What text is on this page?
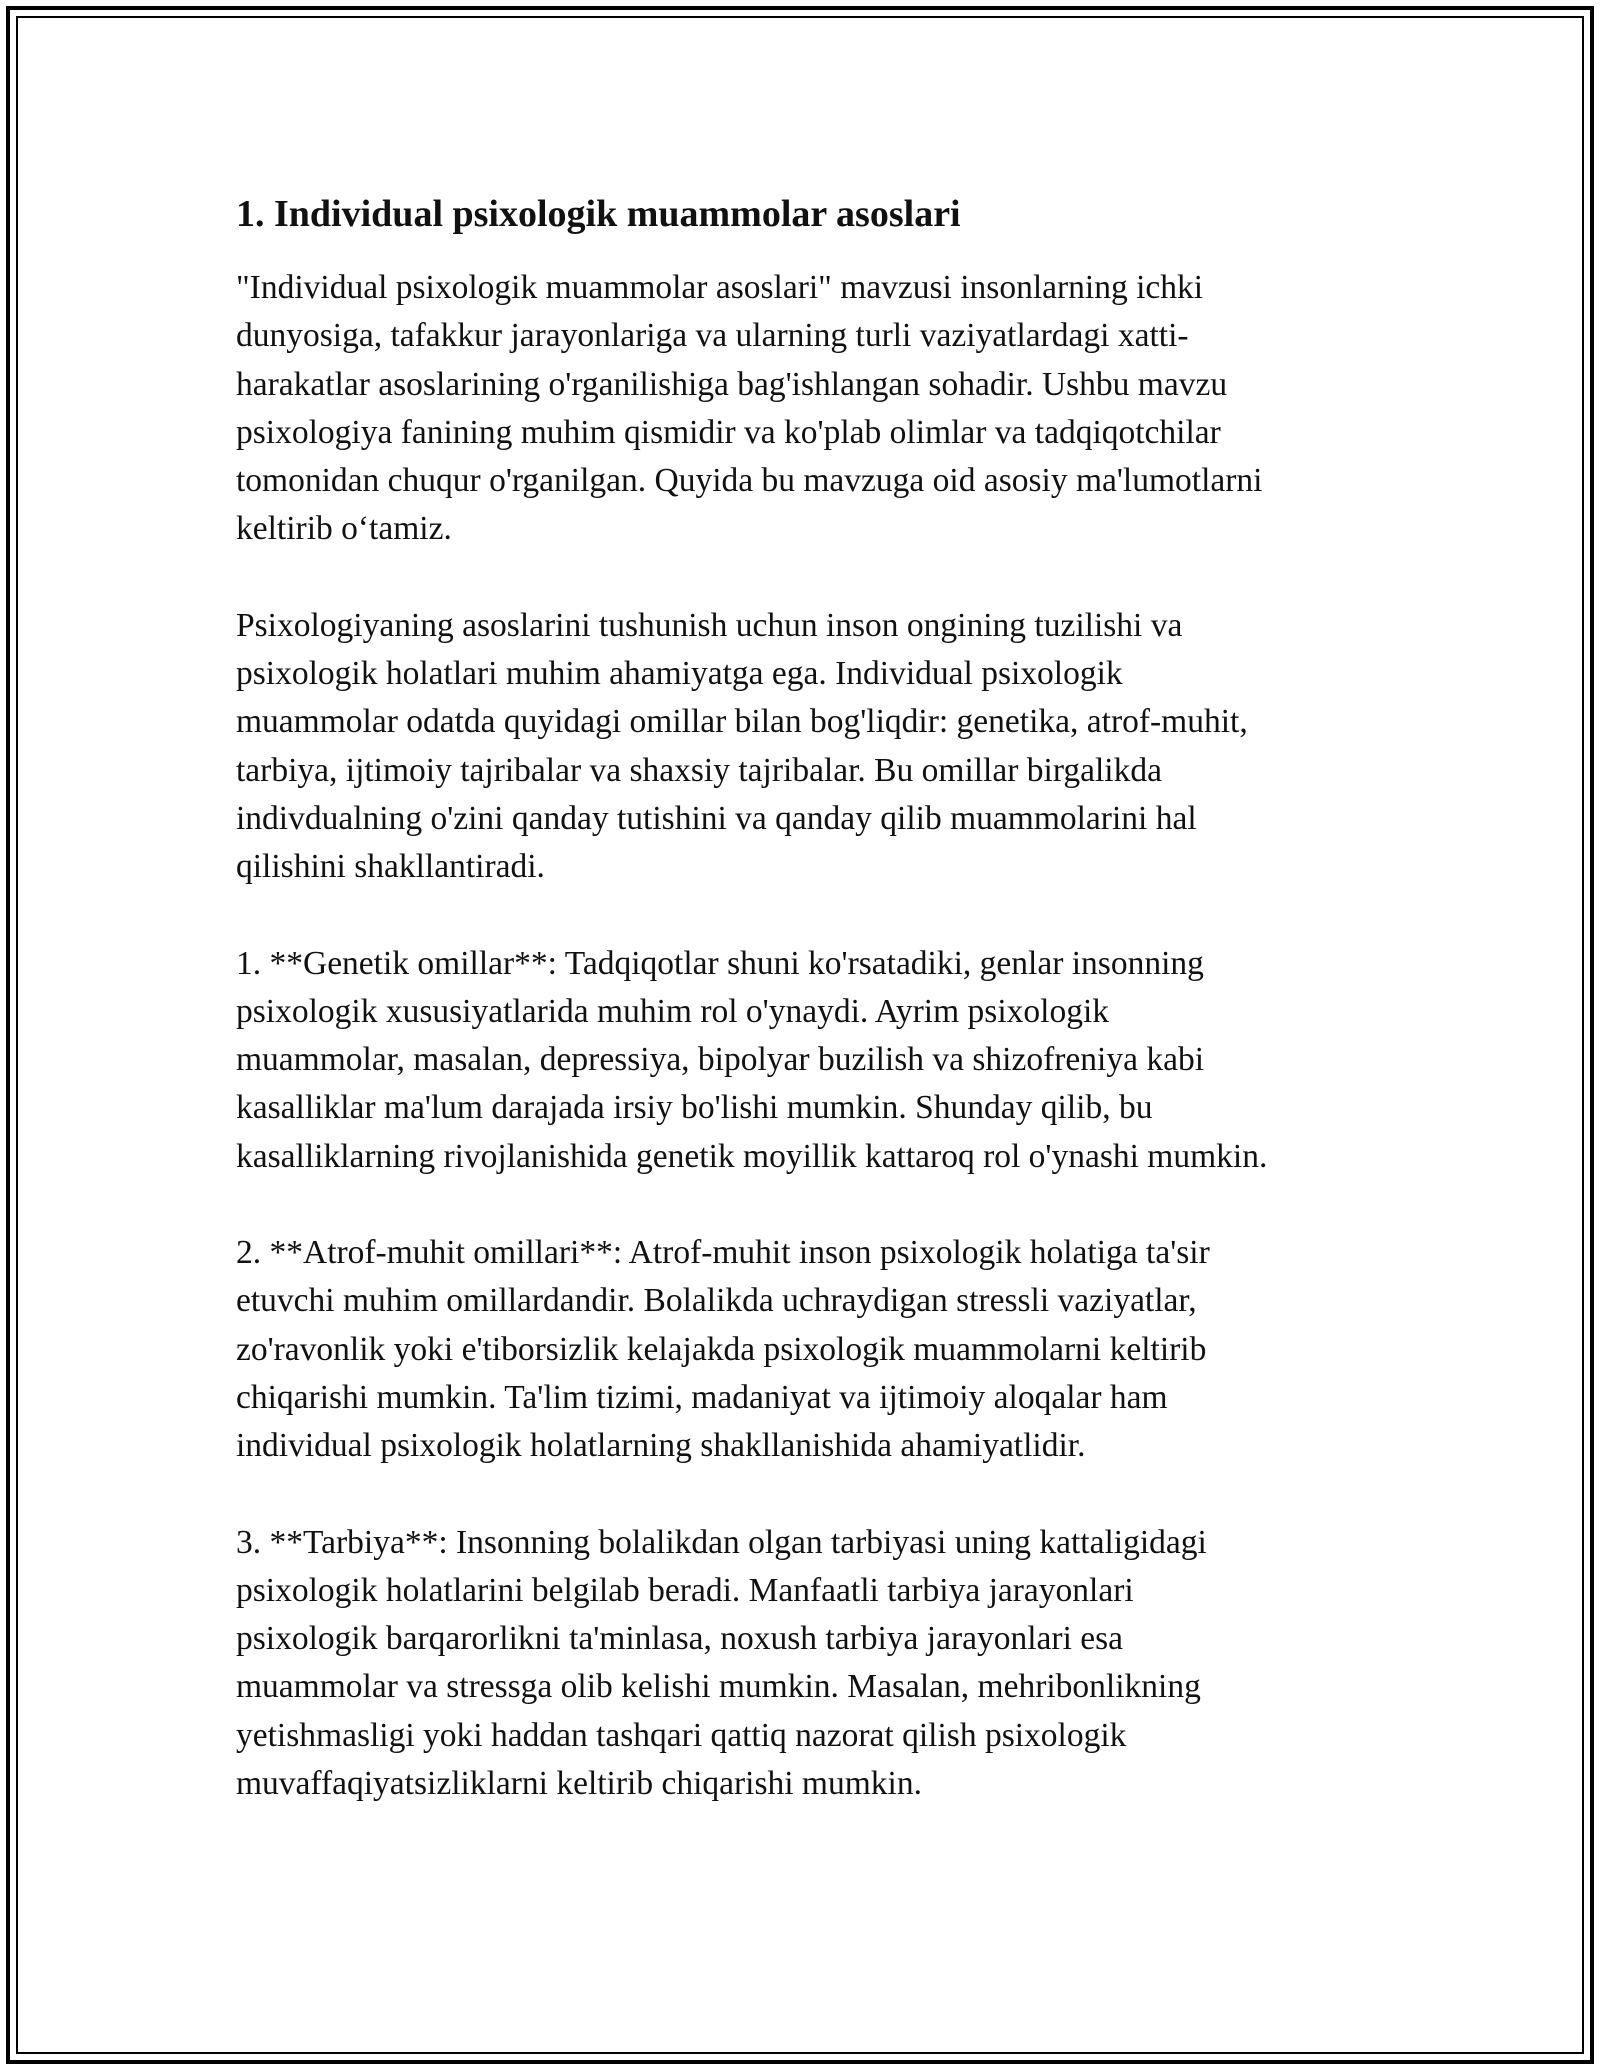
1. Individual psixologik muammolar asoslari

"Individual psixologik muammolar asoslari" mavzusi insonlarning ichki
dunyosiga, tafakkur jarayonlariga va ularning turli vaziyatlardagi xatti-
harakatlar asoslarining o'rganilishiga bag'ishlangan sohadir. Ushbu mavzu
psixologiya fanining muhim qismidir va ko'plab olimlar va tadqiqotchilar
tomonidan chuqur o'rganilgan. Quyida bu mavzuga oid asosiy ma'lumotlarni
keltirib o‘tamiz.

Psixologiyaning asoslarini tushunish uchun inson ongining tuzilishi va
psixologik holatlari muhim ahamiyatga ega. Individual psixologik
muammolar odatda quyidagi omillar bilan bog'liqdir: genetika, atrof-muhit,
tarbiya, ijtimoiy tajribalar va shaxsiy tajribalar. Bu omillar birgalikda
indivdualning o'zini qanday tutishini va qanday qilib muammolarini hal
qilishini shakllantiradi.

1. **Genetik omillar**: Tadqiqotlar shuni ko'rsatadiki, genlar insonning
psixologik xususiyatlarida muhim rol o'ynaydi. Ayrim psixologik
muammolar, masalan, depressiya, bipolyar buzilish va shizofreniya kabi
kasalliklar ma'lum darajada irsiy bo'lishi mumkin. Shunday qilib, bu
kasalliklarning rivojlanishida genetik moyillik kattaroq rol o'ynashi mumkin.

2. **Atrof-muhit omillari**: Atrof-muhit inson psixologik holatiga ta'sir
etuvchi muhim omillardandir. Bolalikda uchraydigan stressli vaziyatlar,
zo'ravonlik yoki e'tiborsizlik kelajakda psixologik muammolarni keltirib
chiqarishi mumkin. Ta'lim tizimi, madaniyat va ijtimoiy aloqalar ham
individual psixologik holatlarning shakllanishida ahamiyatlidir.

3. **Tarbiya**: Insonning bolalikdan olgan tarbiyasi uning kattaligidagi
psixologik holatlarini belgilab beradi. Manfaatli tarbiya jarayonlari
psixologik barqarorlikni ta'minlasa, noxush tarbiya jarayonlari esa
muammolar va stressga olib kelishi mumkin. Masalan, mehribonlikning
yetishmasligi yoki haddan tashqari qattiq nazorat qilish psixologik
muvaffaqiyatsizliklarni keltirib chiqarishi mumkin.
